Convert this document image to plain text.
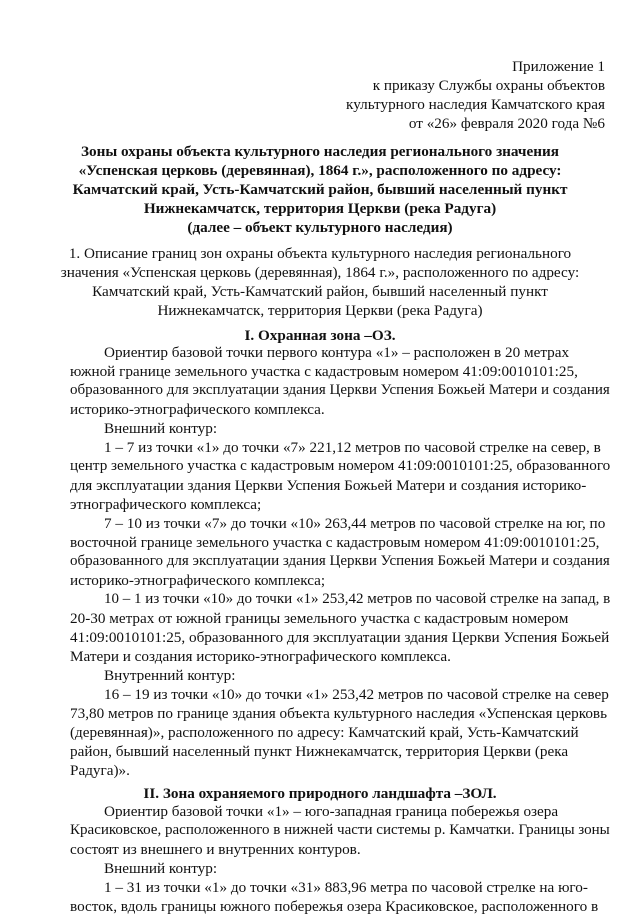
Приложение 1
к приказу Службы охраны объектов
культурного наследия Камчатского края
от «26» февраля 2020 года №6
Зоны охраны объекта культурного наследия регионального значения
«Успенская церковь (деревянная), 1864 г.», расположенного по адресу:
Камчатский край, Усть-Камчатский район, бывший населенный пункт
Нижнекамчатск, территория Церкви (река Радуга)
(далее – объект культурного наследия)
1. Описание границ зон охраны объекта культурного наследия регионального
значения «Успенская церковь (деревянная), 1864 г.», расположенного по адресу:
Камчатский край, Усть-Камчатский район, бывший населенный пункт
Нижнекамчатск, территория Церкви (река Радуга)
I. Охранная зона –ОЗ.
Ориентир базовой точки первого контура «1» – расположен в 20 метрах
южной границе земельного участка с кадастровым номером 41:09:0010101:25,
образованного для эксплуатации здания Церкви Успения Божьей Матери и создания
историко-этнографического комплекса.
Внешний контур:
1 – 7 из точки «1» до точки «7» 221,12 метров по часовой стрелке на север, в
центр земельного участка с кадастровым номером 41:09:0010101:25, образованного
для эксплуатации здания Церкви Успения Божьей Матери и создания историко-
этнографического комплекса;
7 – 10 из точки «7» до точки «10» 263,44 метров по часовой стрелке на юг, по
восточной границе земельного участка с кадастровым номером 41:09:0010101:25,
образованного для эксплуатации здания Церкви Успения Божьей Матери и создания
историко-этнографического комплекса;
10 – 1 из точки «10» до точки «1» 253,42 метров по часовой стрелке на запад, в
20-30 метрах от южной границы земельного участка с кадастровым номером
41:09:0010101:25, образованного для эксплуатации здания Церкви Успения Божьей
Матери и создания историко-этнографического комплекса.
Внутренний контур:
16 – 19 из точки «10» до точки «1» 253,42 метров по часовой стрелке на север
73,80 метров по границе здания объекта культурного наследия «Успенская церковь
(деревянная)», расположенного по адресу: Камчатский край, Усть-Камчатский
район, бывший населенный пункт Нижнекамчатск, территория Церкви (река
Радуга)».
II. Зона охраняемого природного ландшафта –ЗОЛ.
Ориентир базовой точки «1» – юго-западная граница побережья озера
Красиковское, расположенного в нижней части системы р. Камчатки. Границы зоны
состоят из внешнего и внутренних контуров.
Внешний контур:
1 – 31 из точки «1» до точки «31» 883,96 метра по часовой стрелке на юго-
восток, вдоль границы южного побережья озера Красиковское, расположенного в
